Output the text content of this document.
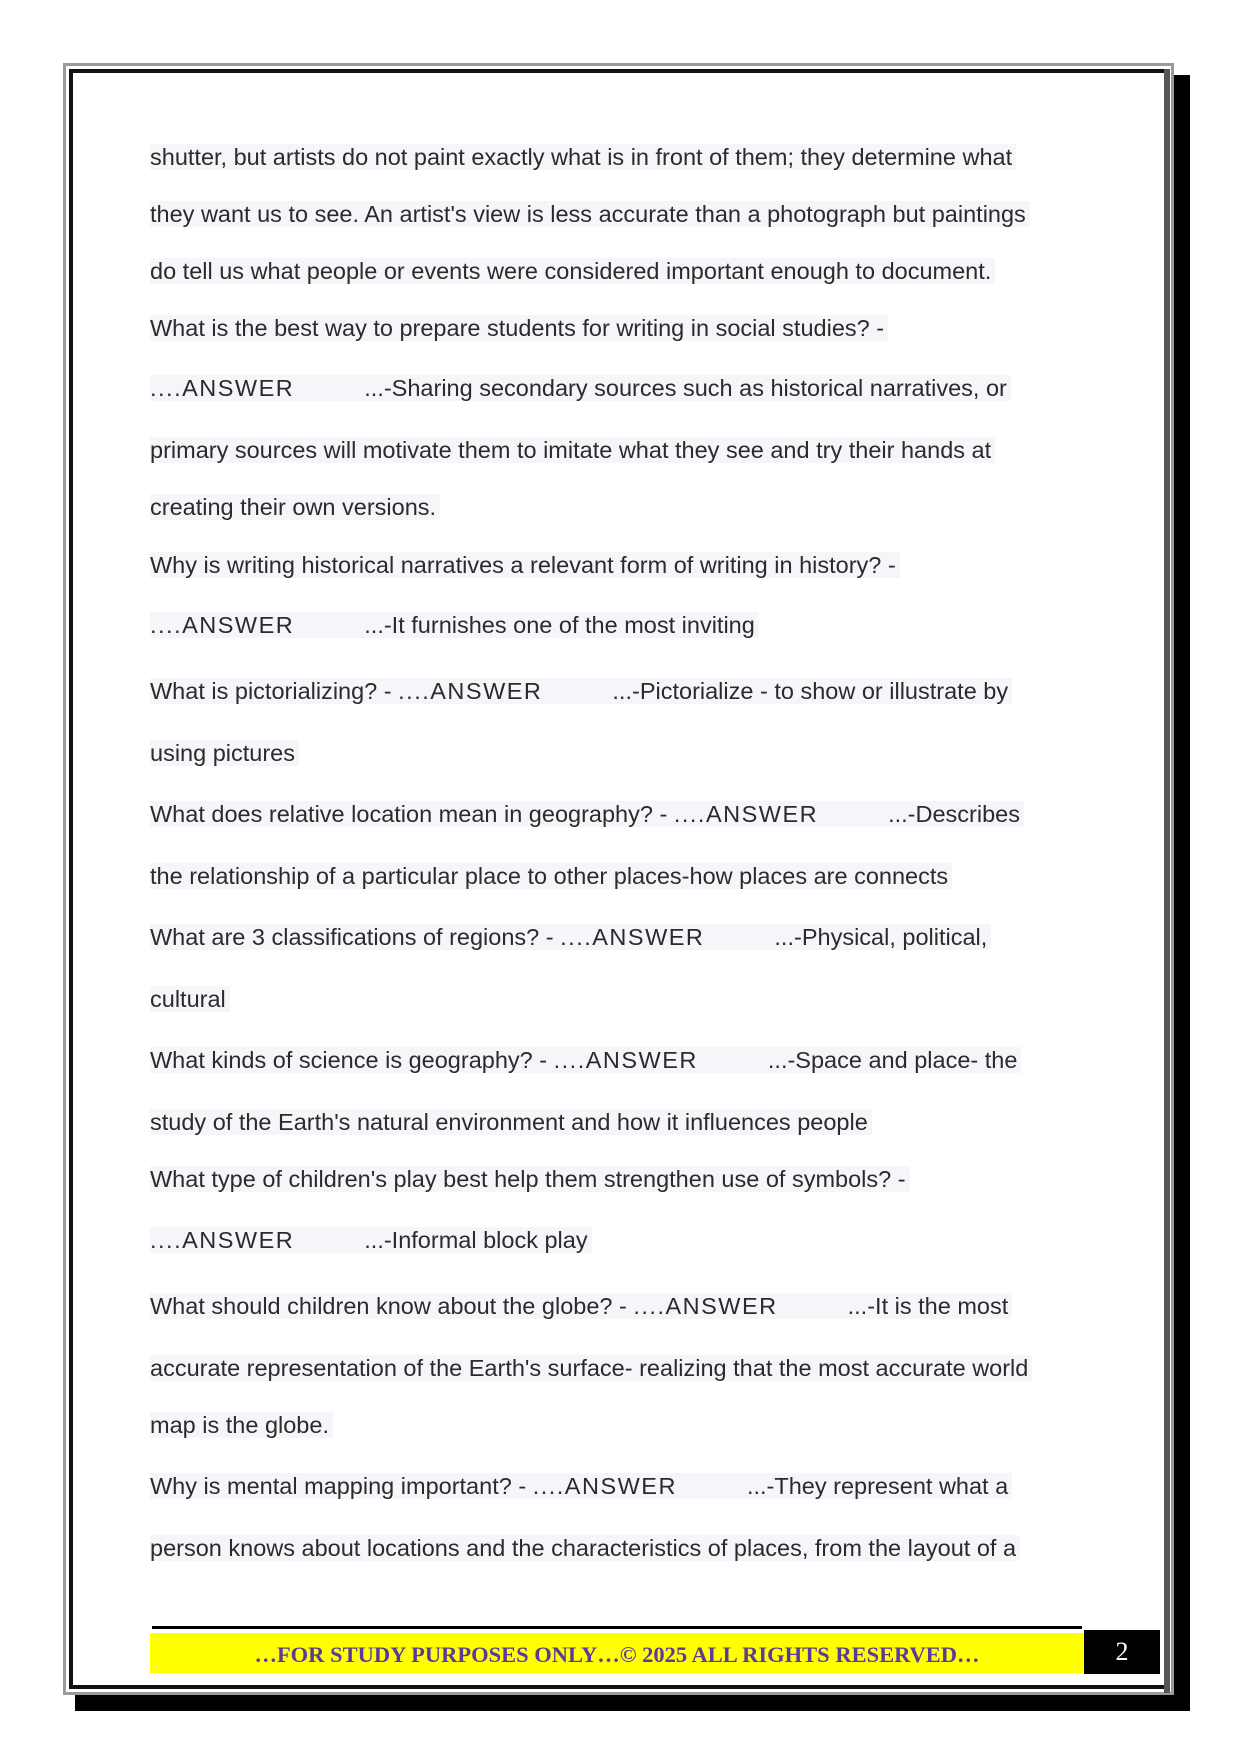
shutter, but artists do not paint exactly what is in front of them; they determine what
they want us to see. An artist's view is less accurate than a photograph but paintings
do tell us what people or events were considered important enough to document.
What is the best way to prepare students for writing in social studies? -
....ANSWER	...-Sharing secondary sources such as historical narratives, or
primary sources will motivate them to imitate what they see and try their hands at
creating their own versions.
Why is writing historical narratives a relevant form of writing in history? -
....ANSWER	...-It furnishes one of the most inviting
What is pictorializing? - ....ANSWER	...-Pictorialize - to show or illustrate by
using pictures
What does relative location mean in geography? - ....ANSWER	...-Describes
the relationship of a particular place to other places-how places are connects
What are 3 classifications of regions? - ....ANSWER	...-Physical, political,
cultural
What kinds of science is geography? - ....ANSWER	...-Space and place- the
study of the Earth's natural environment and how it influences people
What type of children's play best help them strengthen use of symbols? -
....ANSWER	...-Informal block play
What should children know about the globe? - ....ANSWER	...-It is the most
accurate representation of the Earth's surface- realizing that the most accurate world
map is the globe.
Why is mental mapping important? - ....ANSWER	...-They represent what a
person knows about locations and the characteristics of places, from the layout of a
…FOR STUDY PURPOSES ONLY…© 2025 ALL RIGHTS RESERVED…	2
